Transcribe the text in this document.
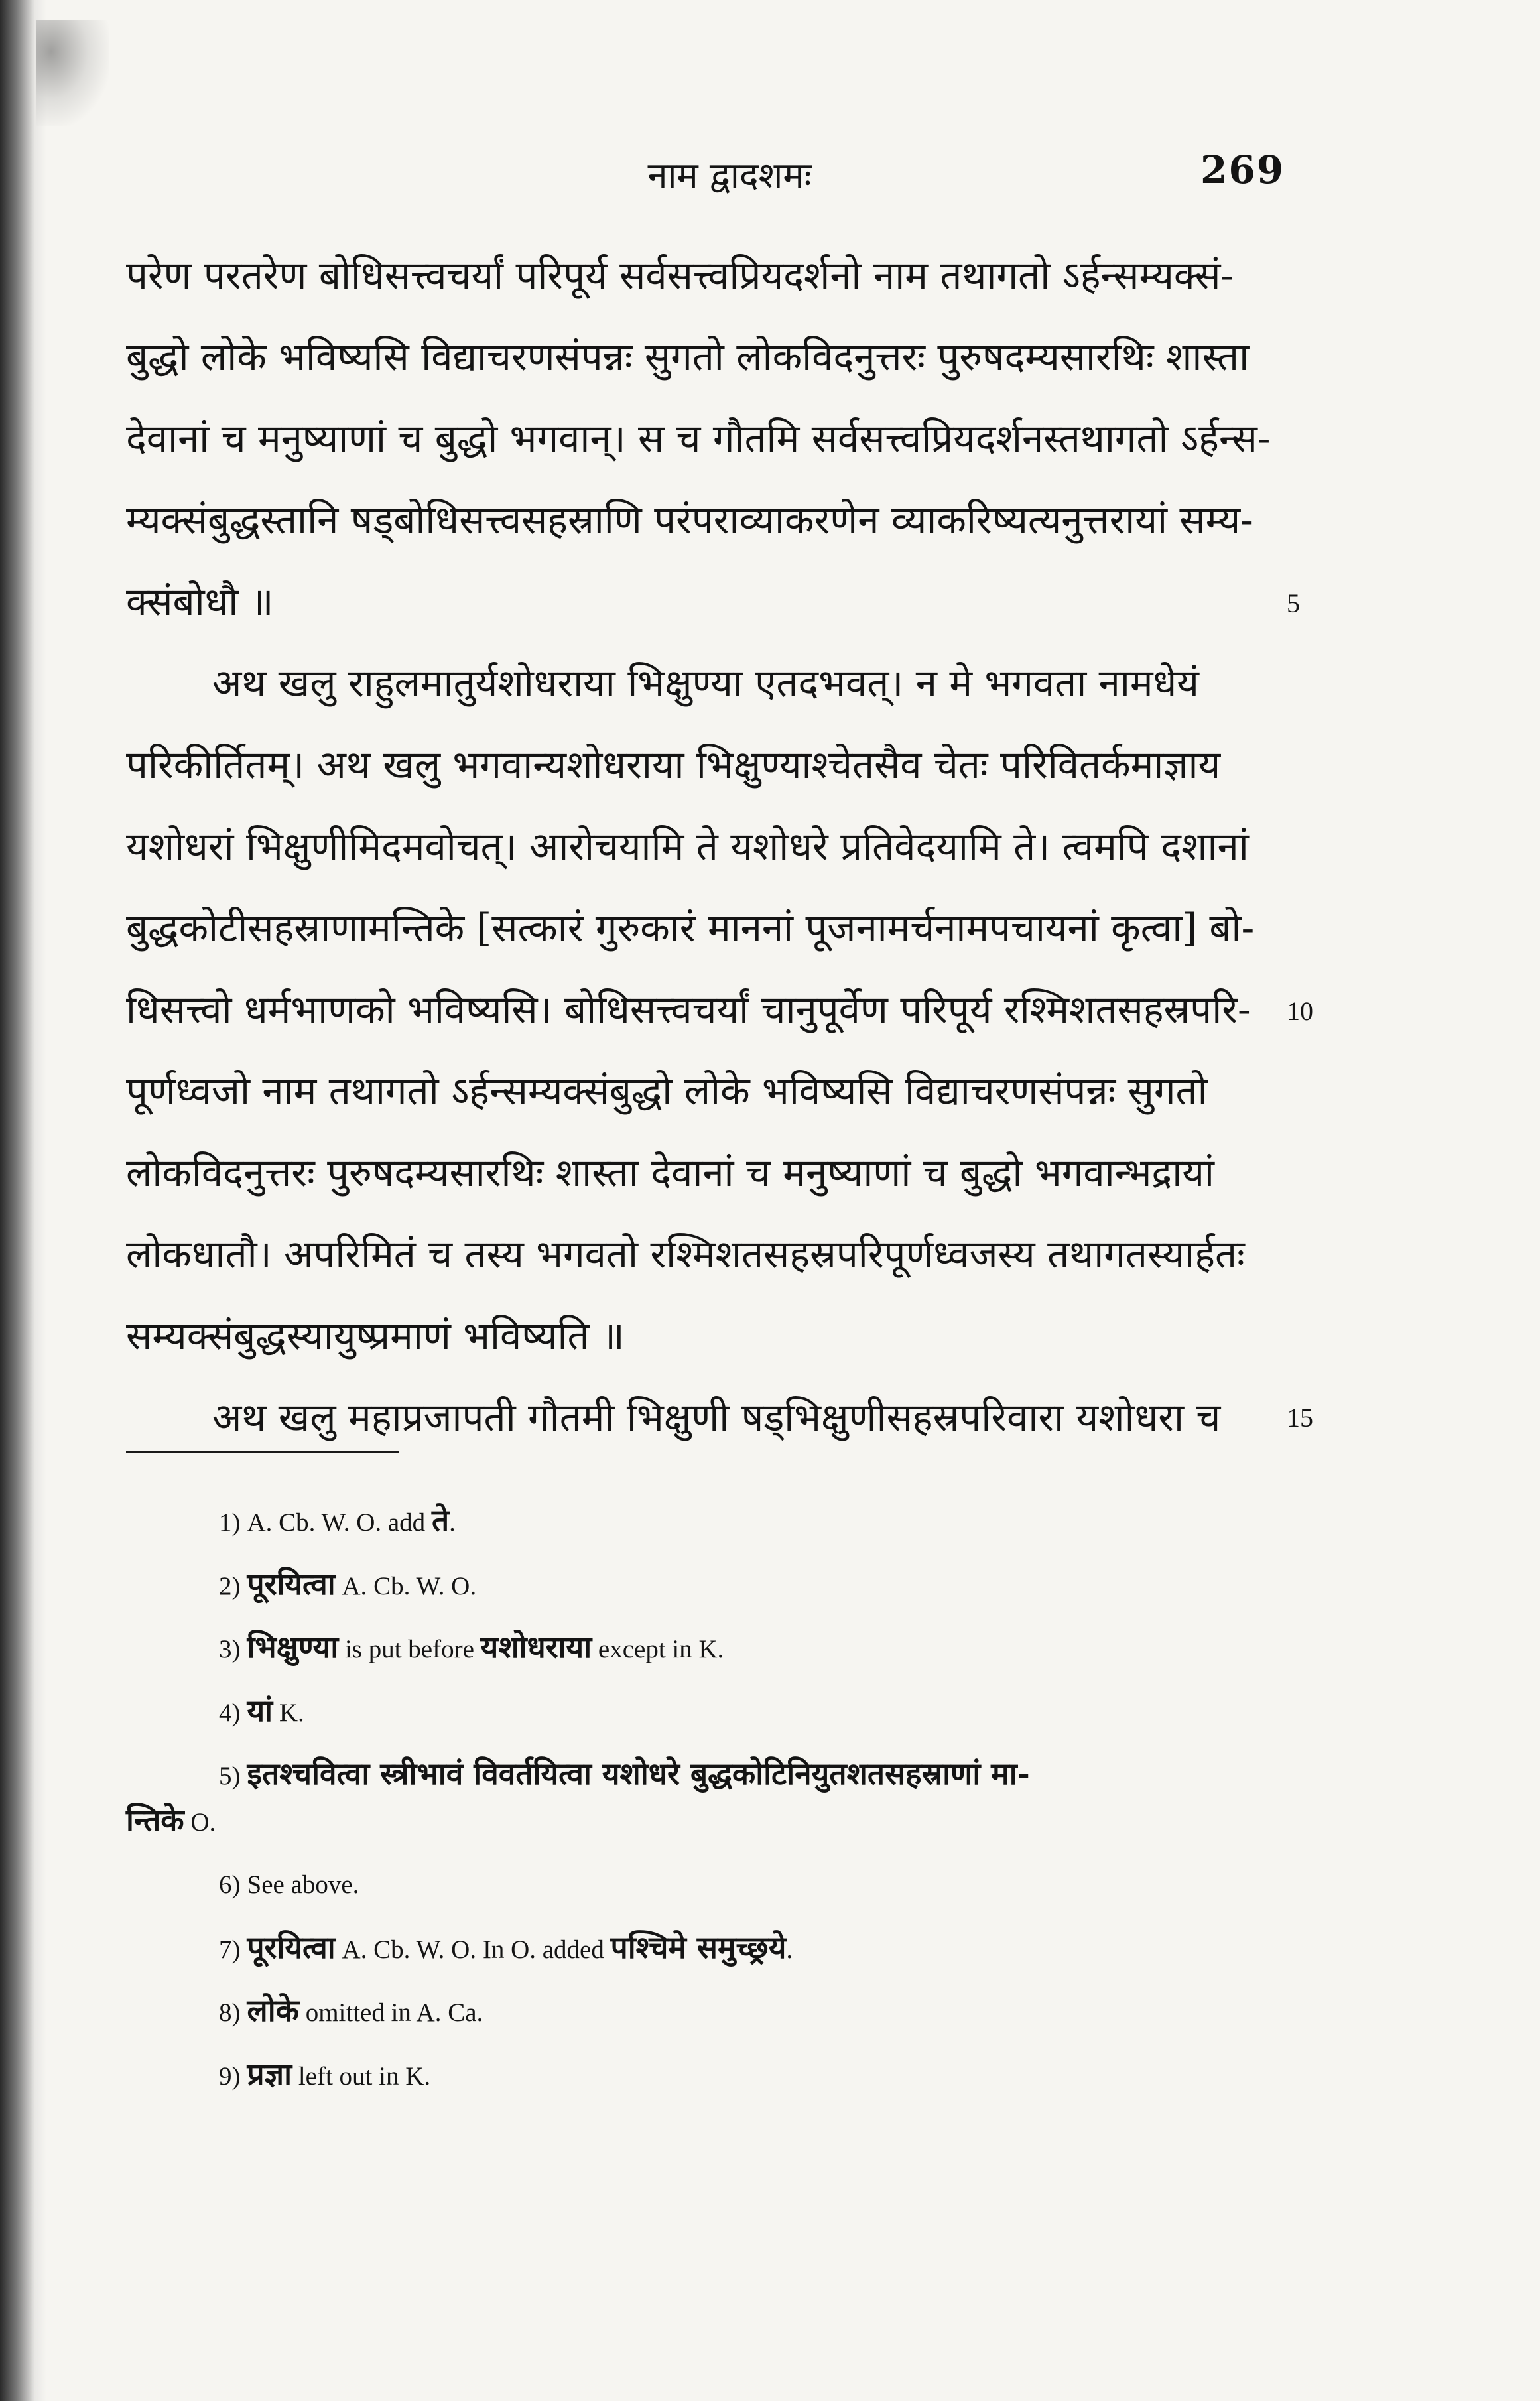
नाम द्वादशमः	269
परेण परतरेण बोधिसत्त्वचर्यां परिपूर्य सर्वसत्त्वप्रियदर्शनो नाम तथागतो ऽर्हन्सम्यक्सं-
बुद्धो लोके भविष्यसि विद्याचरणसंपन्नः सुगतो लोकविदनुत्तरः पुरुषदम्यसारथिः शास्ता
देवानां च मनुष्याणां च बुद्धो भगवान्। स च गौतमि सर्वसत्त्वप्रियदर्शनस्तथागतो ऽर्हन्स-
म्यक्संबुद्धस्तानि षड्बोधिसत्त्वसहस्राणि परंपराव्याकरणेन व्याकरिष्यत्यनुत्तरायां सम्य-
क्संबोधौ ॥
अथ खलु राहुलमातुर्यशोधराया भिक्षुण्या एतदभवत्। न मे भगवता नामधेयं
परिकीर्तितम्। अथ खलु भगवान्यशोधराया भिक्षुण्याश्चेतसैव चेतः परिवितर्कमाज्ञाय
यशोधरां भिक्षुणीमिदमवोचत्। आरोचयामि ते यशोधरे प्रतिवेदयामि ते। त्वमपि दशानां
बुद्धकोटीसहस्राणामन्तिके [सत्कारं गुरुकारं माननां पूजनामर्चनामपचायनां कृत्वा] बो-
धिसत्त्वो धर्मभाणको भविष्यसि। बोधिसत्त्वचर्यां चानुपूर्वेण परिपूर्य रश्मिशतसहस्रपरि-
पूर्णध्वजो नाम तथागतो ऽर्हन्सम्यक्संबुद्धो लोके भविष्यसि विद्याचरणसंपन्नः सुगतो
लोकविदनुत्तरः पुरुषदम्यसारथिः शास्ता देवानां च मनुष्याणां च बुद्धो भगवान्भद्रायां
लोकधातौ। अपरिमितं च तस्य भगवतो रश्मिशतसहस्रपरिपूर्णध्वजस्य तथागतस्यार्हतः
सम्यक्संबुद्धस्यायुष्प्रमाणं भविष्यति ॥
अथ खलु महाप्रजापती गौतमी भिक्षुणी षड्भिक्षुणीसहस्रपरिवारा यशोधरा च
5
10
15
1) A. Cb. W. O. add ते.
2) पूरयित्वा A. Cb. W. O.
3) भिक्षुण्या is put before यशोधराया except in K.
4) यां K.
5) इतश्चवित्वा स्त्रीभावं विवर्तयित्वा यशोधरे बुद्धकोटिनियुतशतसहस्राणां मा-
न्तिके O.
6) See above.
7) पूरयित्वा A. Cb. W. O. In O. added पश्चिमे समुच्छ्रये.
8) लोके omitted in A. Ca.
9) प्रज्ञा left out in K.
